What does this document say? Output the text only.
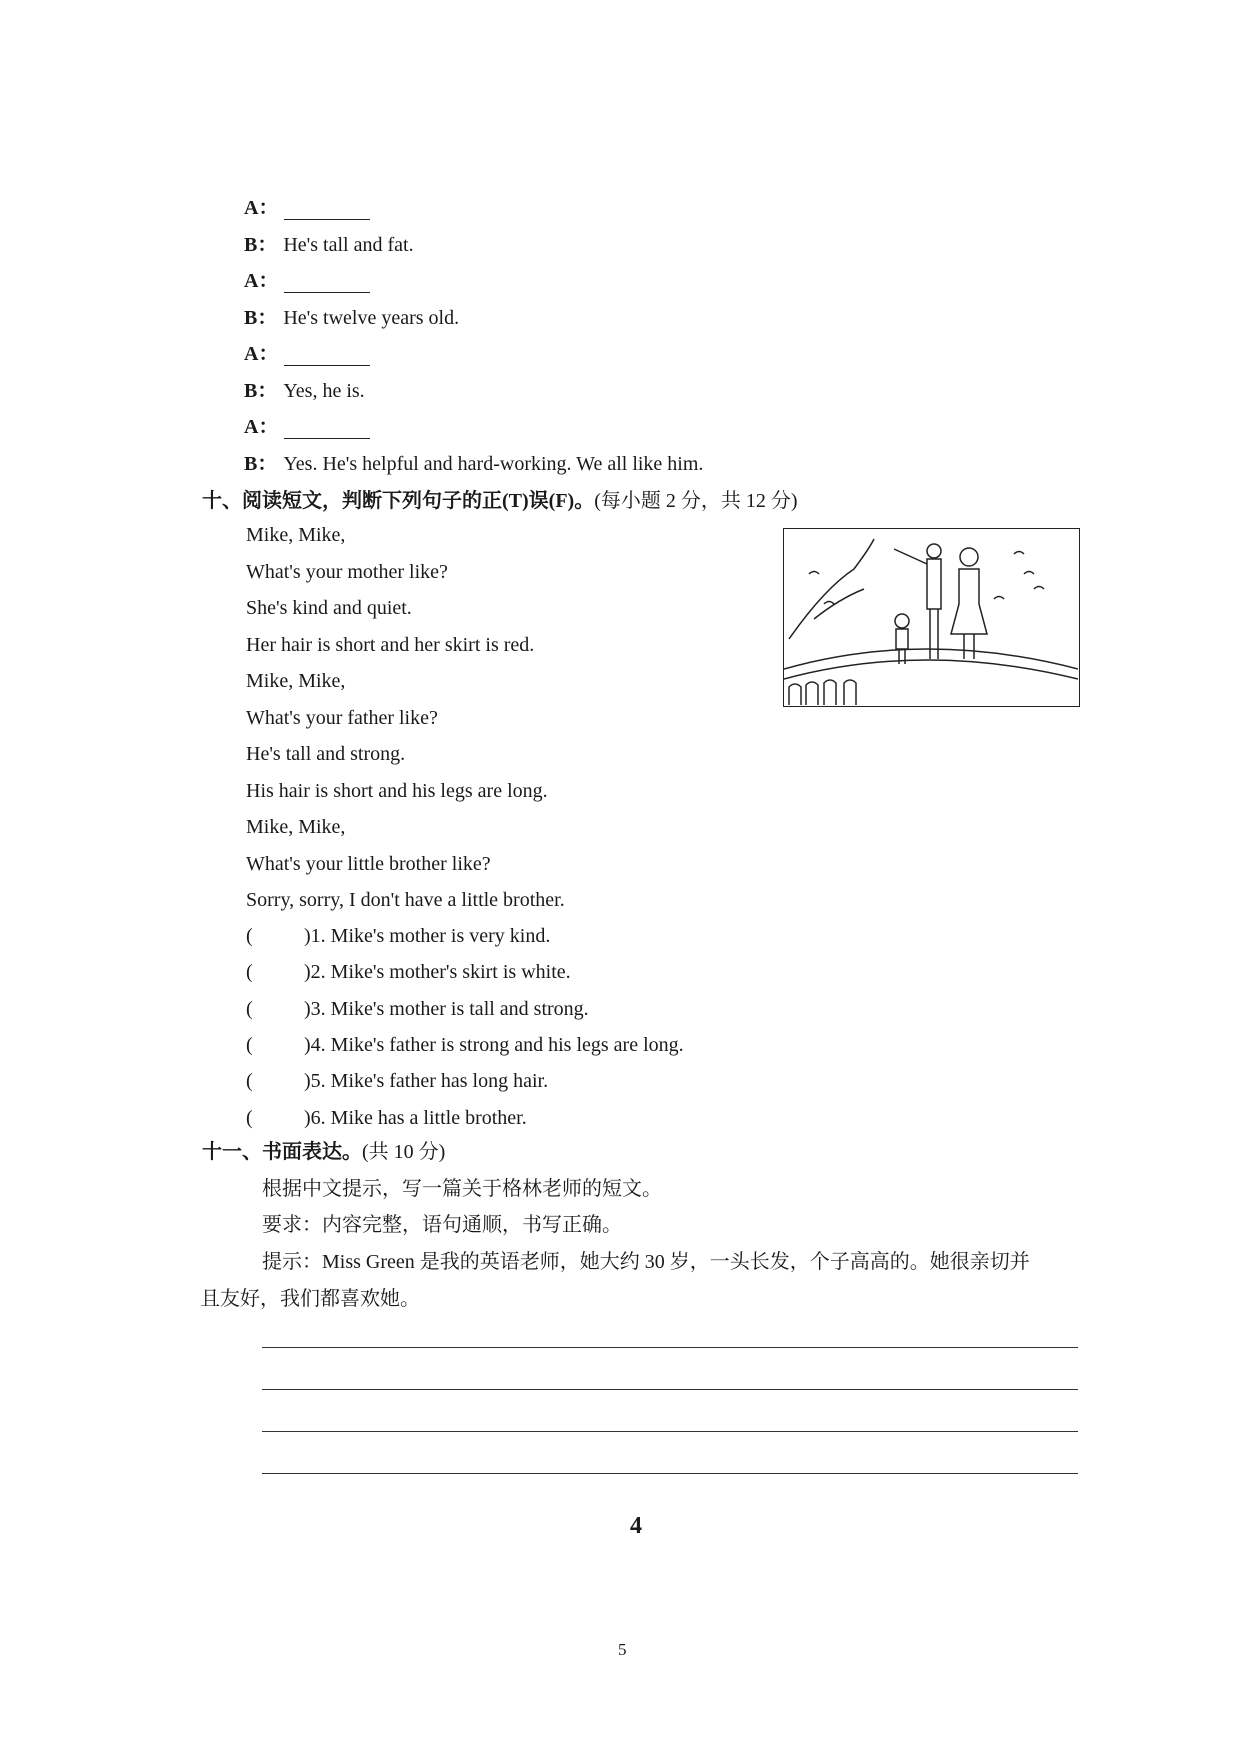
A：
B： He's tall and fat.
A：
B： He's twelve years old.
A：
B： Yes, he is.
A：
B： Yes. He's helpful and hard-working. We all like him.
十、阅读短文，判断下列句子的正(T)误(F)。(每小题 2 分，共 12 分)
Mike, Mike,
What's your mother like?
She's kind and quiet.
Her hair is short and her skirt is red.
Mike, Mike,
What's your father like?
He's tall and strong.
His hair is short and his legs are long.
Mike, Mike,
What's your little brother like?
Sorry, sorry, I don't have a little brother.
(	)1. Mike's mother is very kind.
(	)2. Mike's mother's skirt is white.
(	)3. Mike's mother is tall and strong.
(	)4. Mike's father is strong and his legs are long.
(	)5. Mike's father has long hair.
(	)6. Mike has a little brother.
十一、书面表达。(共 10 分)
根据中文提示，写一篇关于格林老师的短文。
要求：内容完整，语句通顺，书写正确。
提示：Miss Green 是我的英语老师，她大约 30 岁，一头长发，个子高高的。她很亲切并
且友好，我们都喜欢她。
4
5
